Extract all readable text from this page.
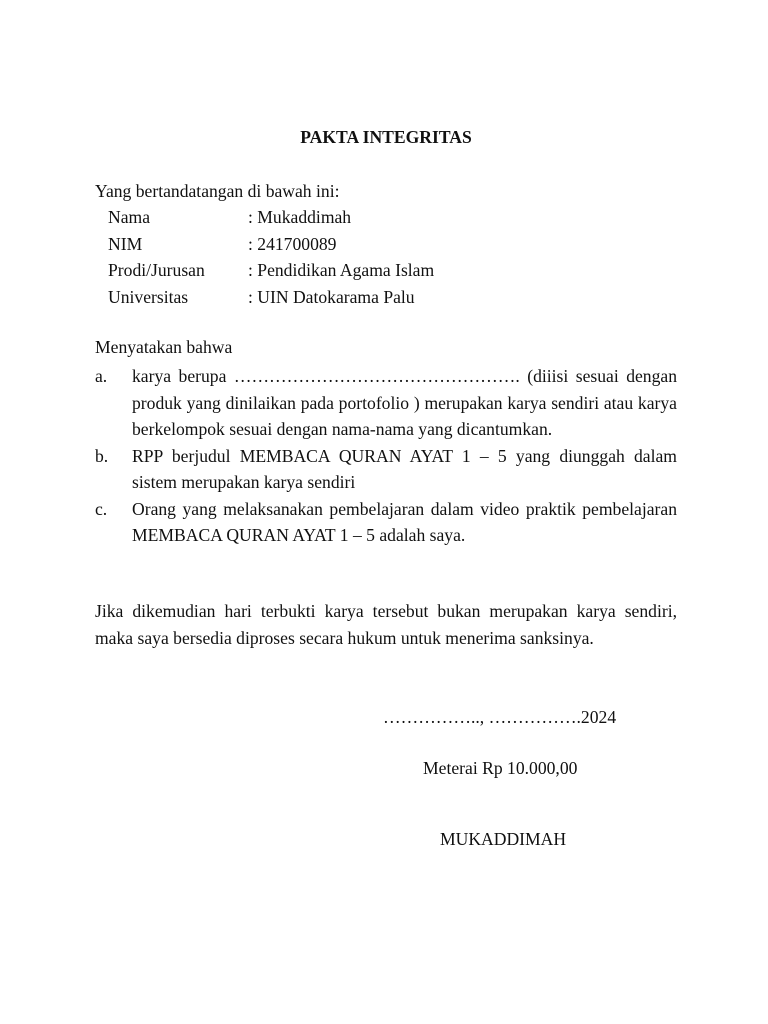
PAKTA INTEGRITAS
Yang bertandatangan di bawah ini:
Nama	: Mukaddimah
NIM	: 241700089
Prodi/Jurusan : Pendidikan Agama Islam
Universitas	: UIN Datokarama Palu
Menyatakan bahwa
a.	karya berupa …………………………………………. (diiisi sesuai dengan produk yang dinilaikan pada portofolio ) merupakan karya sendiri atau karya berkelompok sesuai dengan nama-nama yang dicantumkan.
b.	RPP berjudul MEMBACA QURAN AYAT 1 – 5 yang diunggah dalam sistem merupakan karya sendiri
c.	Orang yang melaksanakan pembelajaran dalam video praktik pembelajaran MEMBACA QURAN AYAT 1 – 5 adalah saya.
Jika dikemudian hari terbukti karya tersebut bukan merupakan karya sendiri, maka saya bersedia diproses secara hukum untuk menerima sanksinya.
…………….., …………….2024
Meterai Rp 10.000,00
MUKADDIMAH
